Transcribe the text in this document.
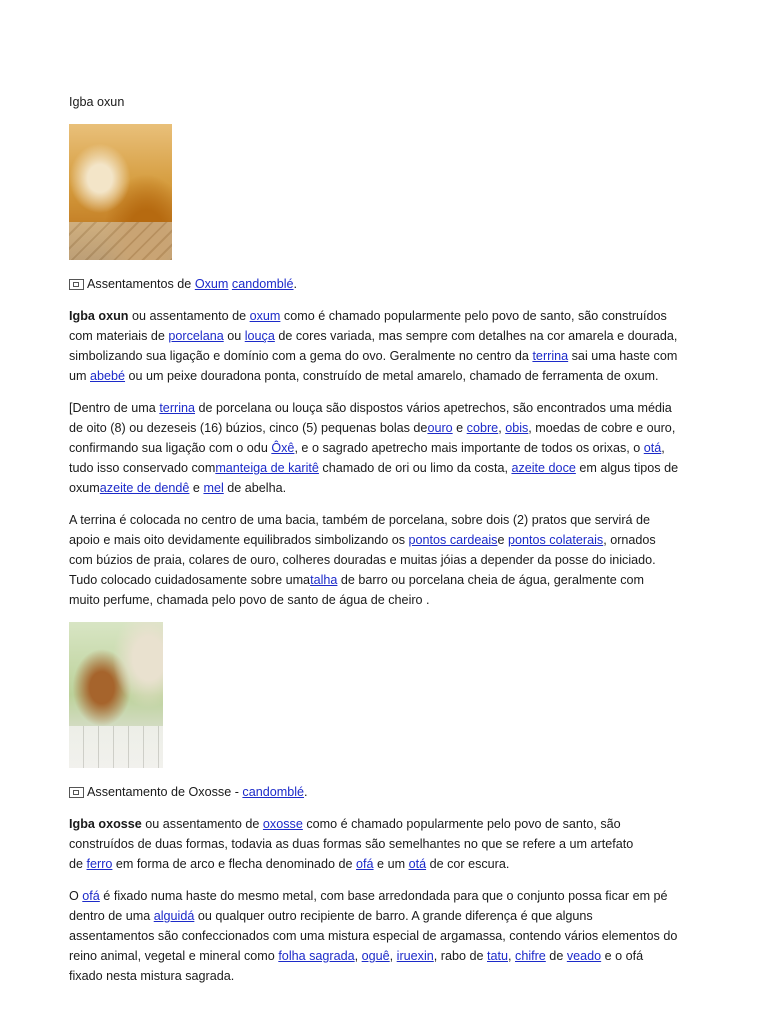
Igba oxun
Assentamentos de Oxum candomblé.
Igba oxun ou assentamento de oxum como é chamado popularmente pelo povo de santo, são construídos
com materiais de porcelana ou louça de cores variada, mas sempre com detalhes na cor amarela e dourada,
simbolizando sua ligação e domínio com a gema do ovo. Geralmente no centro da terrina sai uma haste com
um abebé ou um peixe douradona ponta, construído de metal amarelo, chamado de ferramenta de oxum.
[Dentro de uma terrina de porcelana ou louça são dispostos vários apetrechos, são encontrados uma média
de oito (8) ou dezeseis (16) búzios, cinco (5) pequenas bolas deouro e cobre, obis, moedas de cobre e ouro,
confirmando sua ligação com o odu Ôxê, e o sagrado apetrecho mais importante de todos os orixas, o otá,
tudo isso conservado commanteiga de karitê chamado de ori ou limo da costa, azeite doce em algus tipos de
oxumazeite de dendê e mel de abelha.
A terrina é colocada no centro de uma bacia, também de porcelana, sobre dois (2) pratos que servirá de
apoio e mais oito devidamente equilibrados simbolizando os pontos cardeaise pontos colaterais, ornados
com búzios de praia, colares de ouro, colheres douradas e muitas jóias a depender da posse do iniciado.
Tudo colocado cuidadosamente sobre umatalha de barro ou porcelana cheia de água, geralmente com
muito perfume, chamada pelo povo de santo de água de cheiro .
Assentamento de Oxosse - candomblé.
Igba oxosse ou assentamento de oxosse como é chamado popularmente pelo povo de santo, são
construídos de duas formas, todavia as duas formas são semelhantes no que se refere a um artefato
de ferro em forma de arco e flecha denominado de ofá e um otá de cor escura.
O ofá é fixado numa haste do mesmo metal, com base arredondada para que o conjunto possa ficar em pé
dentro de uma alguidá ou qualquer outro recipiente de barro. A grande diferença é que alguns
assentamentos são confeccionados com uma mistura especial de argamassa, contendo vários elementos do
reino animal, vegetal e mineral como folha sagrada, oguê, iruexin, rabo de tatu, chifre de veado e o ofá
fixado nesta mistura sagrada.
